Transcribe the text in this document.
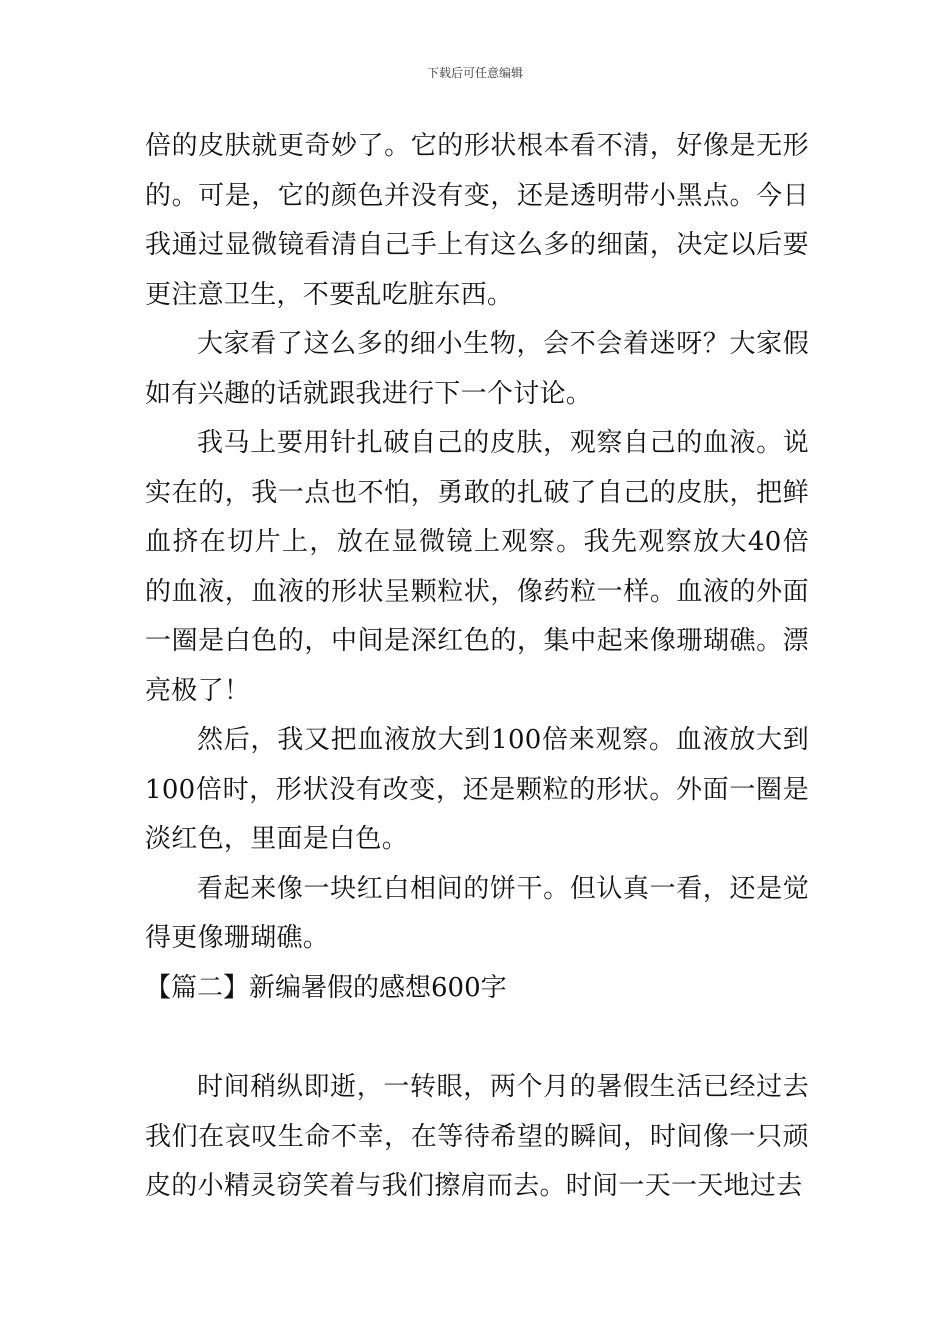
下载后可任意编辑

倍的皮肤就更奇妙了。它的形状根本看不清，好像是无形的。可是，它的颜色并没有变，还是透明带小黑点。今日我通过显微镜看清自己手上有这么多的细菌，决定以后要更注意卫生，不要乱吃脏东西。

大家看了这么多的细小生物，会不会着迷呀？大家假如有兴趣的话就跟我进行下一个讨论。

我马上要用针扎破自己的皮肤，观察自己的血液。说实在的，我一点也不怕，勇敢的扎破了自己的皮肤，把鲜血挤在切片上，放在显微镜上观察。我先观察放大40倍的血液，血液的形状呈颗粒状，像药粒一样。血液的外面一圈是白色的，中间是深红色的，集中起来像珊瑚礁。漂亮极了！

然后，我又把血液放大到100倍来观察。血液放大到100倍时，形状没有改变，还是颗粒的形状。外面一圈是淡红色，里面是白色。

看起来像一块红白相间的饼干。但认真一看，还是觉得更像珊瑚礁。

【篇二】新编暑假的感想600字

时间稍纵即逝，一转眼，两个月的暑假生活已经过去我们在哀叹生命不幸，在等待希望的瞬间，时间像一只顽皮的小精灵窃笑着与我们擦肩而去。时间一天一天地过去
